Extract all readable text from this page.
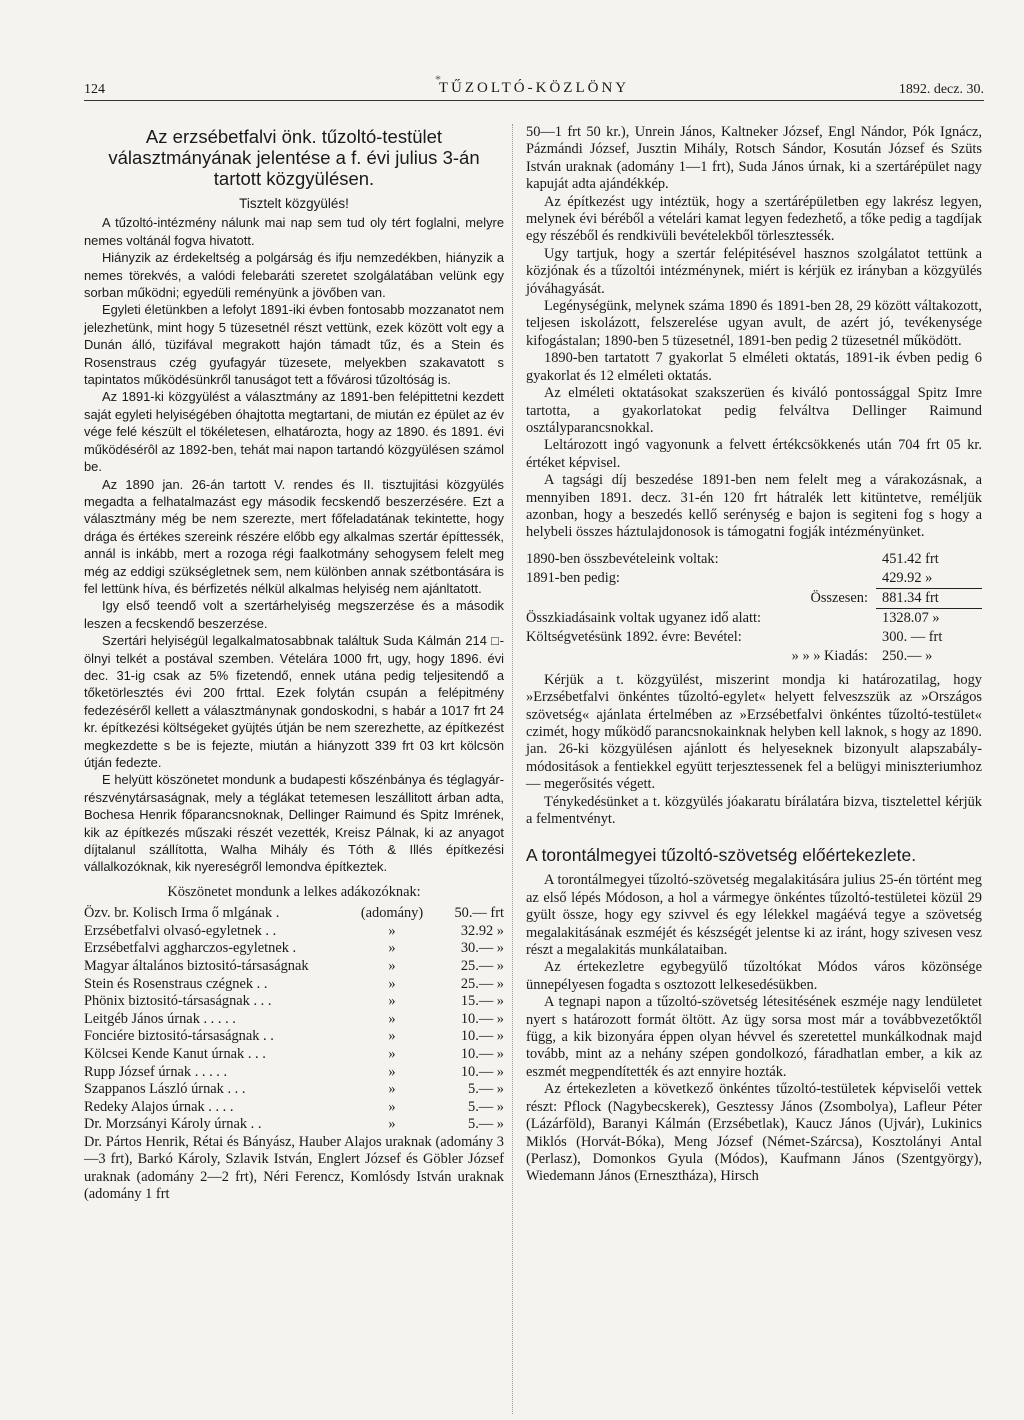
*
124	TŰZOLTÓ-KÖZLÖNY	1892. decz. 30.
Az erzsébetfalvi önk. tűzoltó-testület választmányának jelentése a f. évi julius 3-án tartott közgyülésen.

Tisztelt közgyülés!

A tűzoltó-intézmény nálunk mai nap sem tud oly tért foglalni, melyre nemes voltánál fogva hivatott.

Hiányzik az érdekeltség a polgárság és ifju nemzedékben, hiányzik a nemes törekvés, a valódi felebaráti szeretet szolgálatában velünk egy sorban működni; egyedüli reményünk a jövőben van.

Egyleti életünkben a lefolyt 1891-iki évben fontosabb mozzanatot nem jelezhetünk, mint hogy 5 tüzesetnél részt vettünk, ezek között volt egy a Dunán álló, tüzifával megrakott hajón támadt tűz, és a Stein és Rosenstraus czég gyufagyár tüzesete, melyekben szakavatott s tapintatos működésünkről tanuságot tett a fővárosi tűzoltóság is.

Az 1891-ki közgyülést a választmány az 1891-ben felépittetni kezdett saját egyleti helyiségében óhajtotta megtartani, de miután ez épület az év vége felé készült el tökéletesen, elhatározta, hogy az 1890. és 1891. évi működésérôl az 1892-ben, tehát mai napon tartandó közgyülésen számol be.

Az 1890 jan. 26-án tartott V. rendes és II. tisztujitási közgyülés megadta a felhatalmazást egy második fecskendő beszerzésére. Ezt a választmány még be nem szerezte, mert főfeladatának tekintette, hogy drága és értékes szereink részére előbb egy alkalmas szertár építtessék, annál is inkább, mert a rozoga régi faalkotmány sehogysem felelt meg még az eddigi szükségletnek sem, nem különben annak szétbontására is fel lettünk híva, és bérfizetés nélkül alkalmas helyiség nem ajánltatott.

Igy első teendő volt a szertárhelyiség megszerzése és a második leszen a fecskendő beszerzése.

Szertári helyiségül legalkalmatosabbnak találtuk Suda Kálmán 214 □-ölnyi telkét a postával szemben. Vételára 1000 frt, ugy, hogy 1896. évi dec. 31-ig csak az 5% fizetendő, ennek utána pedig teljesitendő a tőketörlesztés évi 200 frttal. Ezek folytán csupán a felépitmény fedezéséről kellett a választmánynak gondoskodni, s habár a 1017 frt 24 kr. építkezési költségeket gyüjtés útján be nem szerezhette, az építkezést megkezdette s be is fejezte, miután a hiányzott 339 frt 03 krt kölcsön útján fedezte.

E helyütt köszönetet mondunk a budapesti kőszénbánya és téglagyár-részvénytársaságnak, mely a téglákat tetemesen leszállitott árban adta, Bochesa Henrik főparancsnoknak, Dellinger Raimund és Spitz Imrének, kik az építkezés műszaki részét vezették, Kreisz Pálnak, ki az anyagot díjtalanul szállította, Walha Mihály és Tóth & Illés építkezési vállalkozóknak, kik nyereségről lemondva építkeztek.

Köszönetet mondunk a lelkes adákozóknak:

Özv. br. Kolisch Irma ő mlgának .	(adomány)	50.— frt
Erzsébetfalvi olvasó-egyletnek . .	»	32.92 »
Erzsébetfalvi aggharczos-egyletnek .	»	30.— »
Magyar általános biztositó-társaságnak	»	25.— »
Stein és Rosenstraus czégnek . .	»	25.— »
Phönix biztositó-társaságnak . . .	»	15.— »
Leitgéb János úrnak . . . . .	»	10.— »
Fonciére biztositó-társaságnak . .	»	10.— »
Kölcsei Kende Kanut úrnak . . .	»	10.— »
Rupp József úrnak . . . . .	»	10.— »
Szappanos László úrnak . . .	»	5.— »
Redeky Alajos úrnak . . . .	»	5.— »
Dr. Morzsányi Károly úrnak . .	»	5.— »

Dr. Pártos Henrik, Rétai és Bányász, Hauber Alajos uraknak (adomány 3—3 frt), Barkó Károly, Szlavik István, Englert József és Göbler József uraknak (adomány 2—2 frt), Néri Ferencz, Komlósdy István uraknak (adomány 1 frt

50—1 frt 50 kr.), Unrein János, Kaltneker József, Engl Nándor, Pók Ignácz, Pázmándi József, Jusztin Mihály, Rotsch Sándor, Kosután József és Szüts István uraknak (adomány 1—1 frt), Suda János úrnak, ki a szertárépület nagy kapuját adta ajándékkép.

Az építkezést ugy intéztük, hogy a szertárépületben egy lakrész legyen, melynek évi béréből a vételári kamat legyen fedezhető, a tőke pedig a tagdíjak egy részéből és rendkivüli bevételekből törlesztessék.

Ugy tartjuk, hogy a szertár felépitésével hasznos szolgálatot tettünk a közjónak és a tűzoltói intézménynek, miért is kérjük ez irányban a közgyülés jóváhagyását.

Legénységünk, melynek száma 1890 és 1891-ben 28, 29 között váltakozott, teljesen iskolázott, felszerelése ugyan avult, de azért jó, tevékenysége kifogástalan; 1890-ben 5 tüzesetnél, 1891-ben pedig 2 tüzesetnél működött.

1890-ben tartatott 7 gyakorlat 5 elméleti oktatás, 1891-ik évben pedig 6 gyakorlat és 12 elméleti oktatás.

Az elméleti oktatásokat szakszerüen és kiváló pontossággal Spitz Imre tartotta, a gyakorlatokat pedig felváltva Dellinger Raimund osztályparancsnokkal.

Leltározott ingó vagyonunk a felvett értékcsökkenés után 704 frt 05 kr. értéket képvisel.

A tagsági díj beszedése 1891-ben nem felelt meg a várakozásnak, a mennyiben 1891. decz. 31-én 120 frt hátralék lett kitüntetve, reméljük azonban, hogy a beszedés kellő serénység e bajon is segiteni fog s hogy a helybeli összes háztulajdonosok is támogatni fogják intézményünket.

1890-ben összbevételeink voltak:	451.42 frt
1891-ben pedig:	429.92 »
Összesen: 881.34 frt
Összkiadásaink voltak ugyanez idő alatt:	1328.07 »
Költségvetésünk 1892. évre: Bevétel:	300. — frt
» » » Kiadás: 250.— »

Kérjük a t. közgyülést, miszerint mondja ki határozatilag, hogy »Erzsébetfalvi önkéntes tűzoltó-egylet« helyett felveszszük az »Országos szövetség« ajánlata értelmében az »Erzsébetfalvi önkéntes tűzoltó-testület« czimét, hogy működő parancsnokainknak helyben kell laknok, s hogy az 1890. jan. 26-ki közgyülésen ajánlott és helyeseknek bizonyult alapszabály-módositások a fentiekkel együtt terjesztessenek fel a belügyi miniszteriumhoz — megerősités végett.

Ténykedésünket a t. közgyülés jóakaratu bírálatára bizva, tisztelettel kérjük a felmentvényt.

A torontálmegyei tűzoltó-szövetség előértekezlete.

A torontálmegyei tűzoltó-szövetség megalakitására julius 25-én történt meg az első lépés Módoson, a hol a vármegye önkéntes tűzoltó-testületei közül 29 gyült össze, hogy egy szivvel és egy lélekkel magáévá tegye a szövetség megalakitásának eszméjét és készségét jelentse ki az iránt, hogy szivesen vesz részt a megalakitás munkálataiban.

Az értekezletre egybegyülő tűzoltókat Módos város közönsége ünnepélyesen fogadta s osztozott lelkesedésükben.

A tegnapi napon a tűzoltó-szövetség létesitésének eszméje nagy lendületet nyert s határozott formát öltött. Az ügy sorsa most már a továbbvezetőktől függ, a kik bizonyára éppen olyan hévvel és szeretettel munkálkodnak majd tovább, mint az a nehány szépen gondolkozó, fáradhatlan ember, a kik az eszmét megpendítették és azt ennyire hozták.

Az értekezleten a következő önkéntes tűzoltó-testületek képviselői vettek részt: Pflock (Nagybecskerek), Gesztessy János (Zsombolya), Lafleur Péter (Lázárföld), Baranyi Kálmán (Erzsébetlak), Kaucz János (Ujvár), Lukinics Miklós (Horvát-Bóka), Meng József (Német-Szárcsa), Kosztolányi Antal (Perlasz), Domonkos Gyula (Módos), Kaufmann János (Szentgyörgy), Wiedemann János (Ernesztháza), Hirsch
